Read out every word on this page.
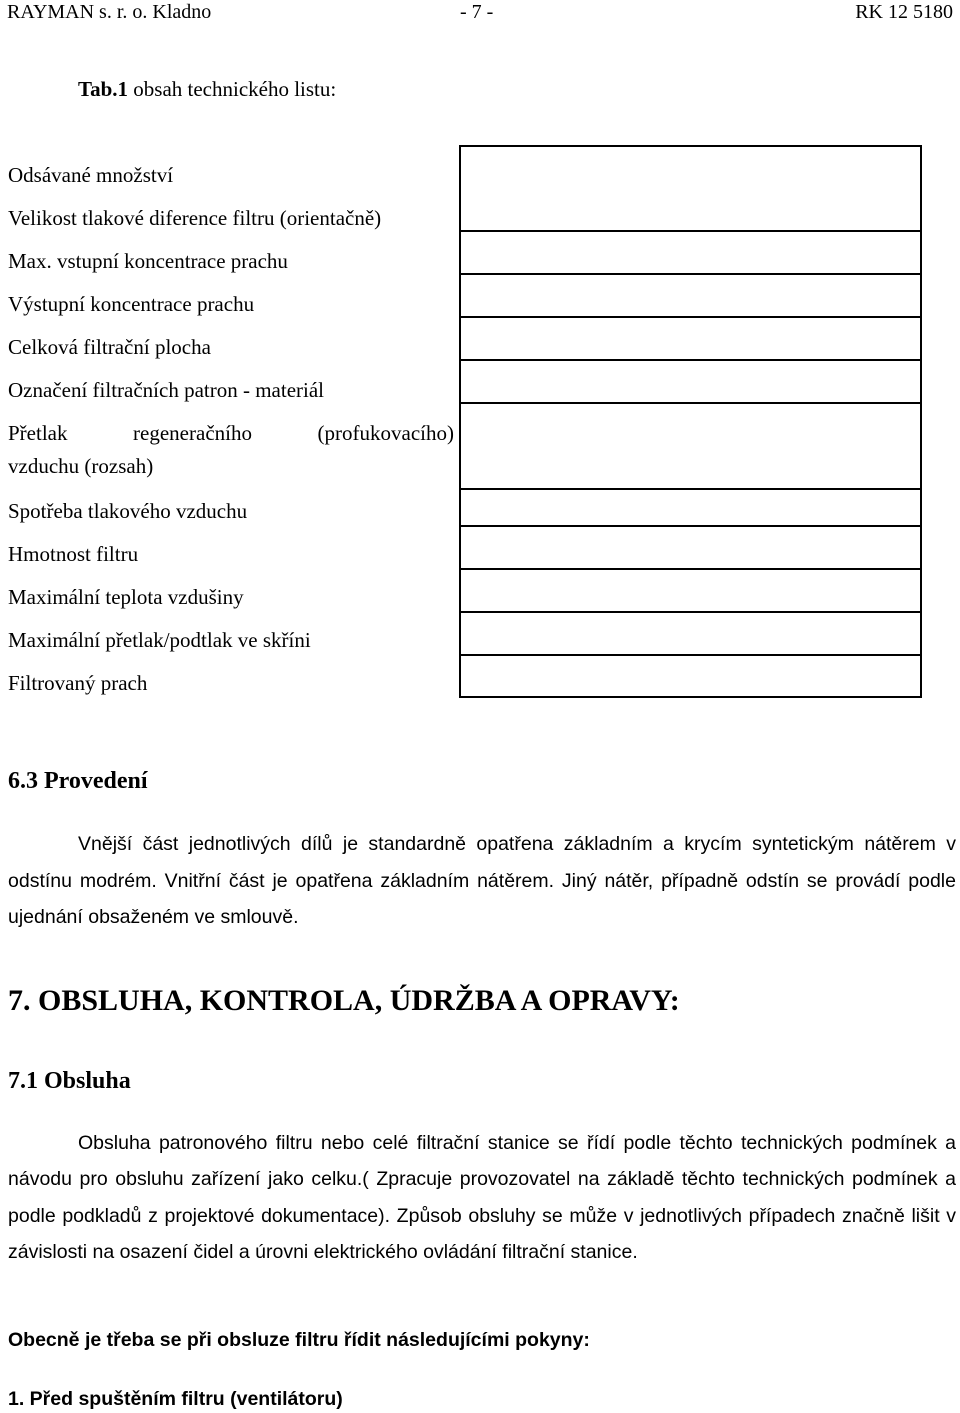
RAYMAN s. r. o. Kladno	- 7 -	RK 12 5180
Tab.1 obsah technického listu:
Odsávané množství
Velikost tlakové diference filtru (orientačně)
Max. vstupní koncentrace prachu
Výstupní koncentrace prachu
Celková filtrační plocha
Označení filtračních patron - materiál
Přetlak	regeneračního	(profukovacího)
vzduchu (rozsah)
Spotřeba tlakového vzduchu
Hmotnost filtru
Maximální teplota vzdušiny
Maximální přetlak/podtlak ve skříni
Filtrovaný prach
6.3 Provedení
Vnější část jednotlivých dílů je standardně opatřena základním a krycím syntetickým nátěrem v odstínu modrém. Vnitřní část je opatřena základním nátěrem. Jiný nátěr, případně odstín se provádí podle ujednání obsaženém ve smlouvě.
7. OBSLUHA, KONTROLA, ÚDRŽBA A OPRAVY:
7.1 Obsluha
Obsluha patronového filtru nebo celé filtrační stanice se řídí podle těchto technických podmínek a návodu pro obsluhu zařízení jako celku.( Zpracuje provozovatel na základě těchto technických podmínek a podle podkladů z projektové dokumentace). Způsob obsluhy se může v jednotlivých případech značně lišit v závislosti na osazení čidel a úrovni elektrického ovládání filtrační stanice.
Obecně je třeba se při obsluze filtru řídit následujícími pokyny:
1. Před spuštěním filtru (ventilátoru)
